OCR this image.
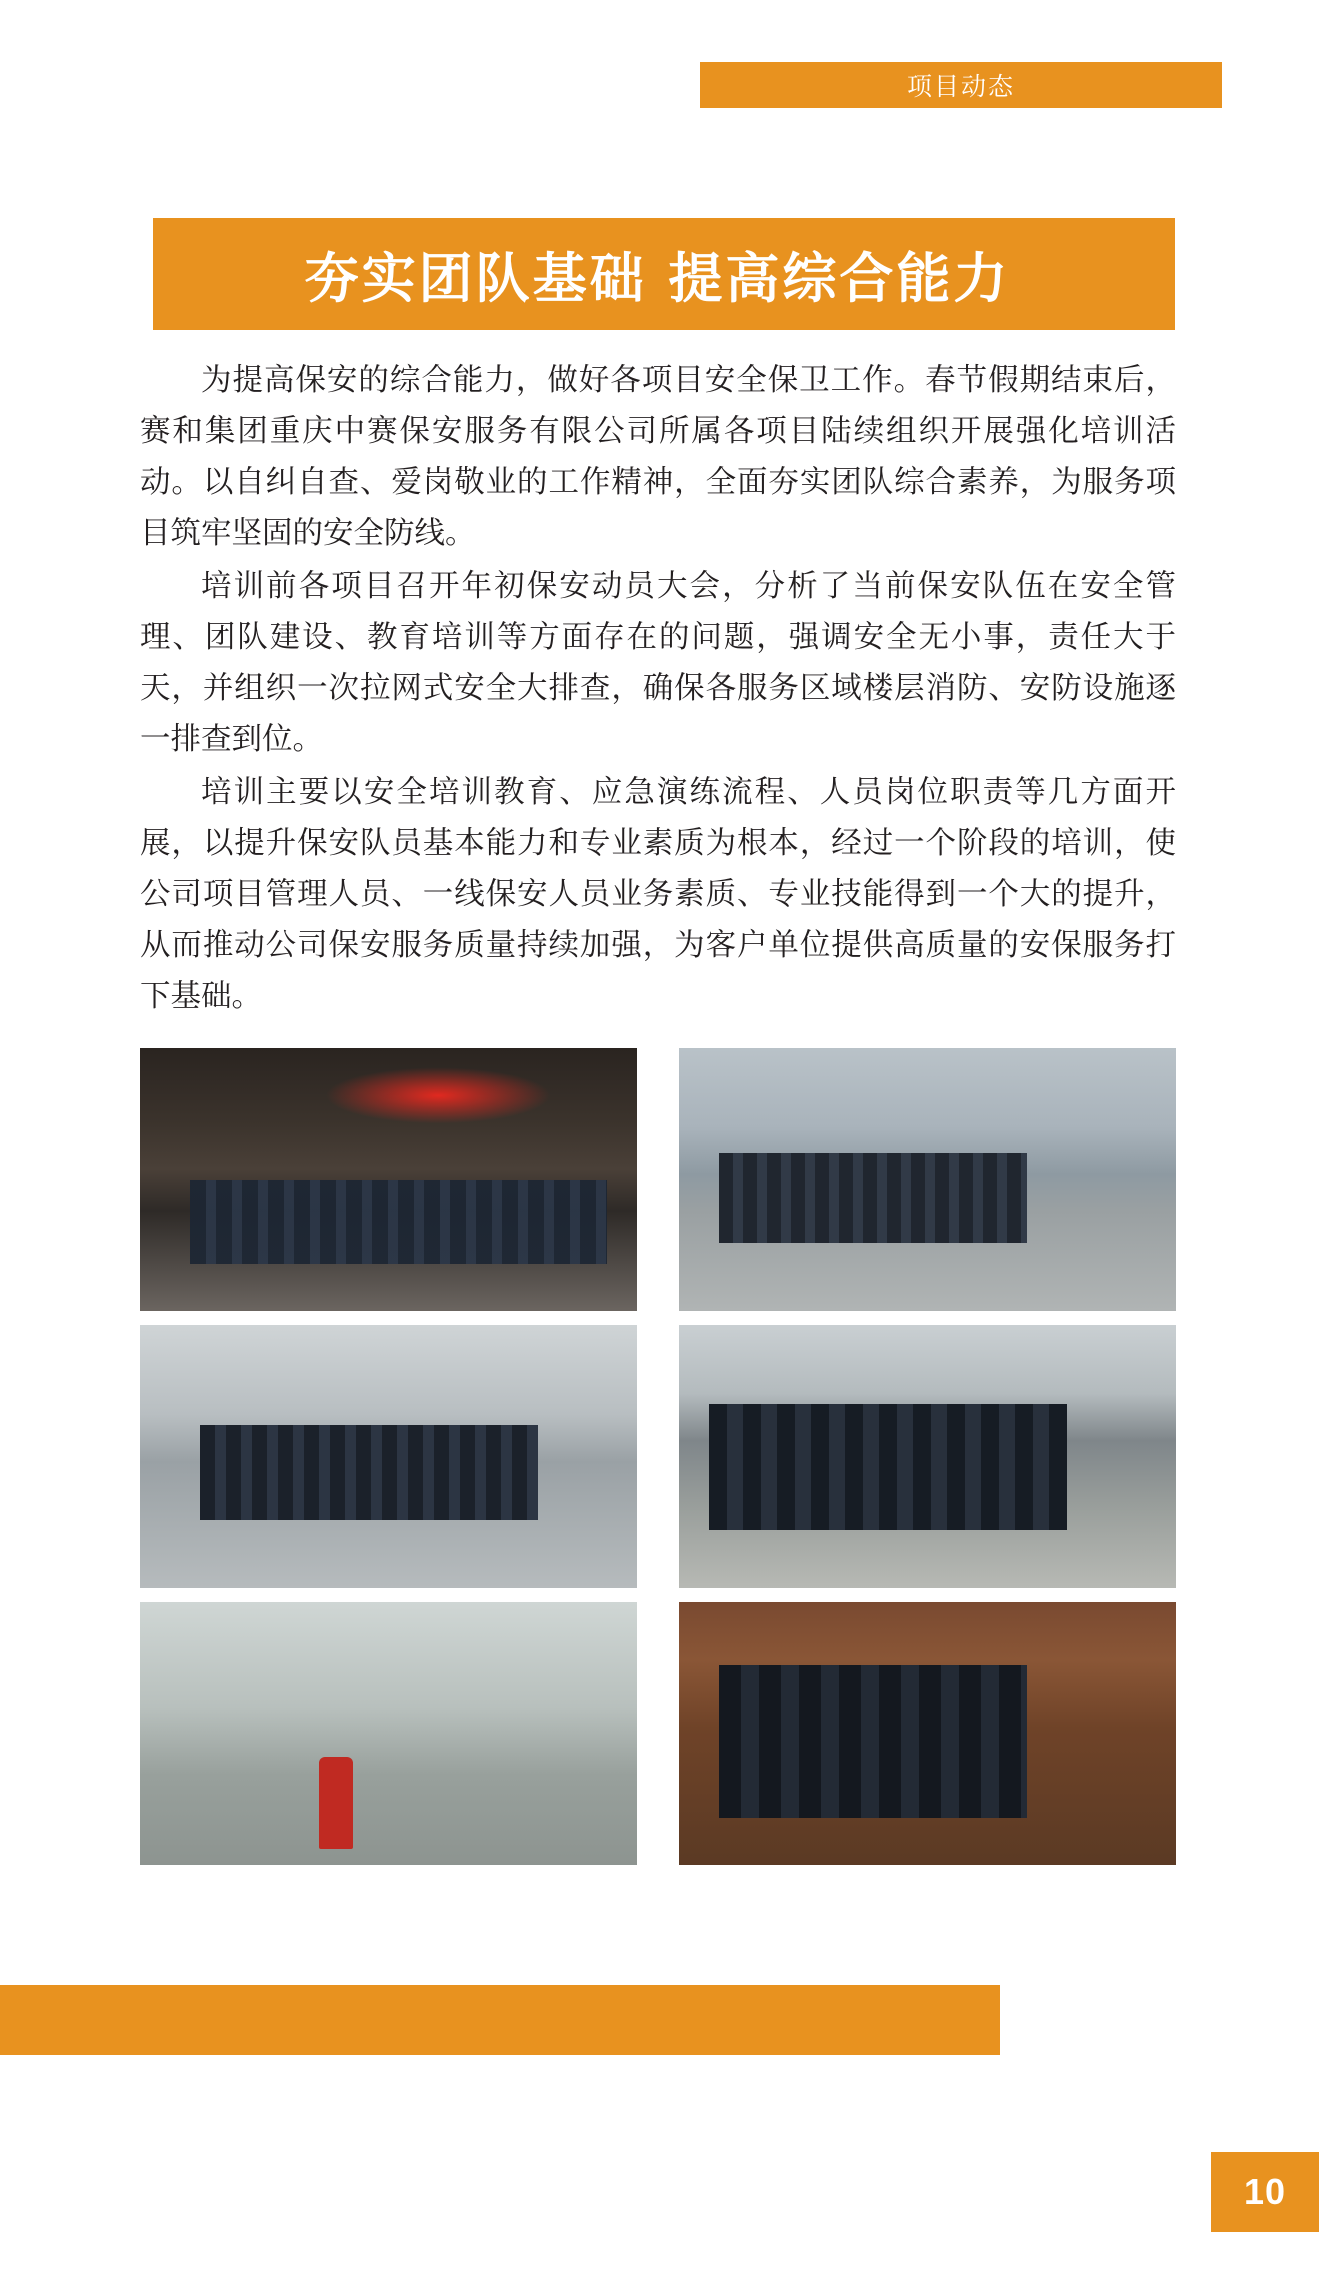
项目动态
夯实团队基础 提高综合能力

为提高保安的综合能力，做好各项目安全保卫工作。春节假期结束后，赛和集团重庆中赛保安服务有限公司所属各项目陆续组织开展强化培训活动。以自纠自查、爱岗敬业的工作精神，全面夯实团队综合素养，为服务项目筑牢坚固的安全防线。

培训前各项目召开年初保安动员大会，分析了当前保安队伍在安全管理、团队建设、教育培训等方面存在的问题，强调安全无小事，责任大于天，并组织一次拉网式安全大排查，确保各服务区域楼层消防、安防设施逐一排查到位。

培训主要以安全培训教育、应急演练流程、人员岗位职责等几方面开展，以提升保安队员基本能力和专业素质为根本，经过一个阶段的培训，使公司项目管理人员、一线保安人员业务素质、专业技能得到一个大的提升，从而推动公司保安服务质量持续加强，为客户单位提供高质量的安保服务打下基础。

10
